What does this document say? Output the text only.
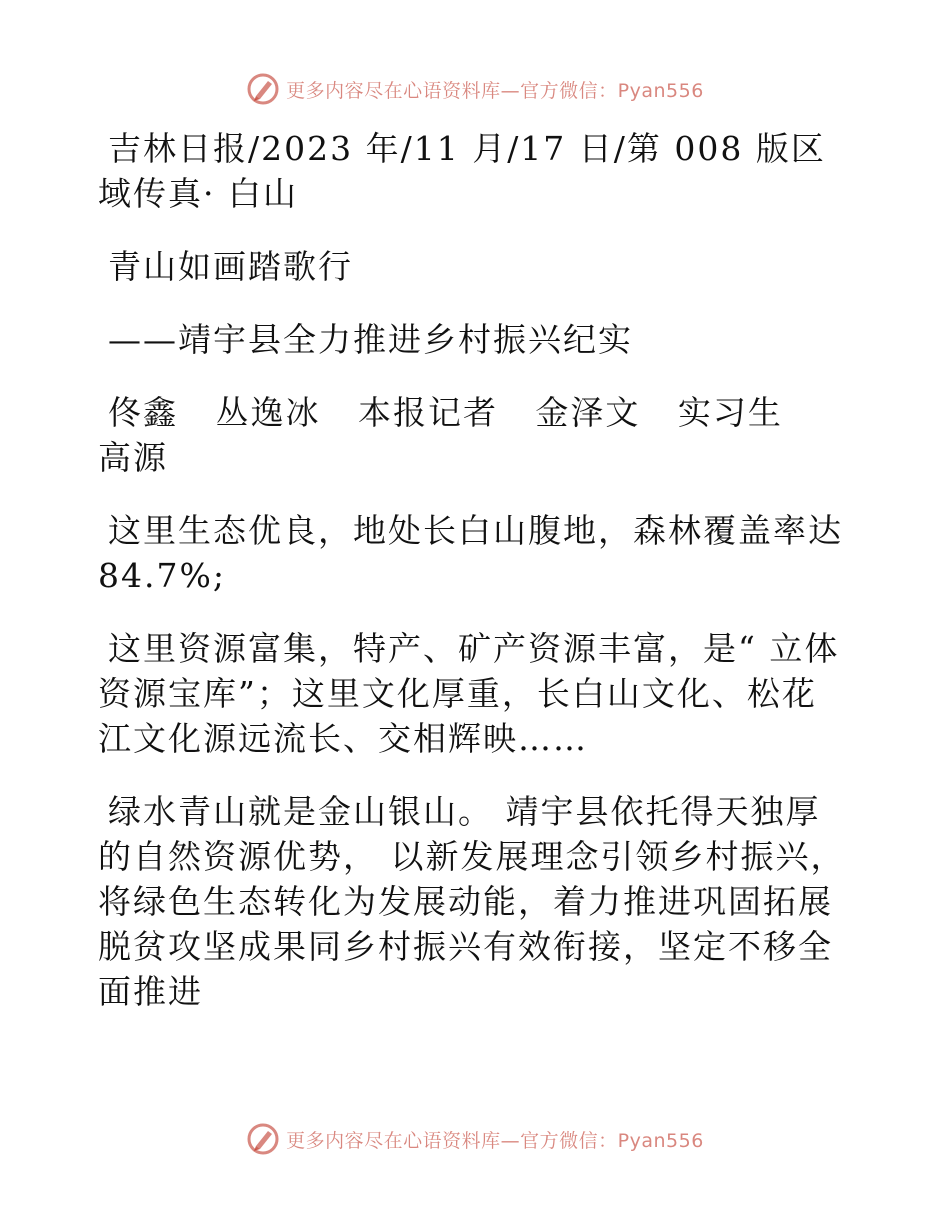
更多内容尽在心语资料库—官方微信：Pyan556

吉林日报/2023 年/11 月/17 日/第 008 版区域传真· 白山

青山如画踏歌行

——靖宇县全力推进乡村振兴纪实

佟鑫   丛逸冰   本报记者   金泽文   实习生   高源

这里生态优良，地处长白山腹地，森林覆盖率达84.7%;

这里资源富集，特产、矿产资源丰富，是“ 立体资源宝库”；这里文化厚重，长白山文化、松花江文化源远流长、交相辉映……

绿水青山就是金山银山。 靖宇县依托得天独厚的自然资源优势， 以新发展理念引领乡村振兴，将绿色生态转化为发展动能，着力推进巩固拓展脱贫攻坚成果同乡村振兴有效衔接，坚定不移全面推进

更多内容尽在心语资料库—官方微信：Pyan556
